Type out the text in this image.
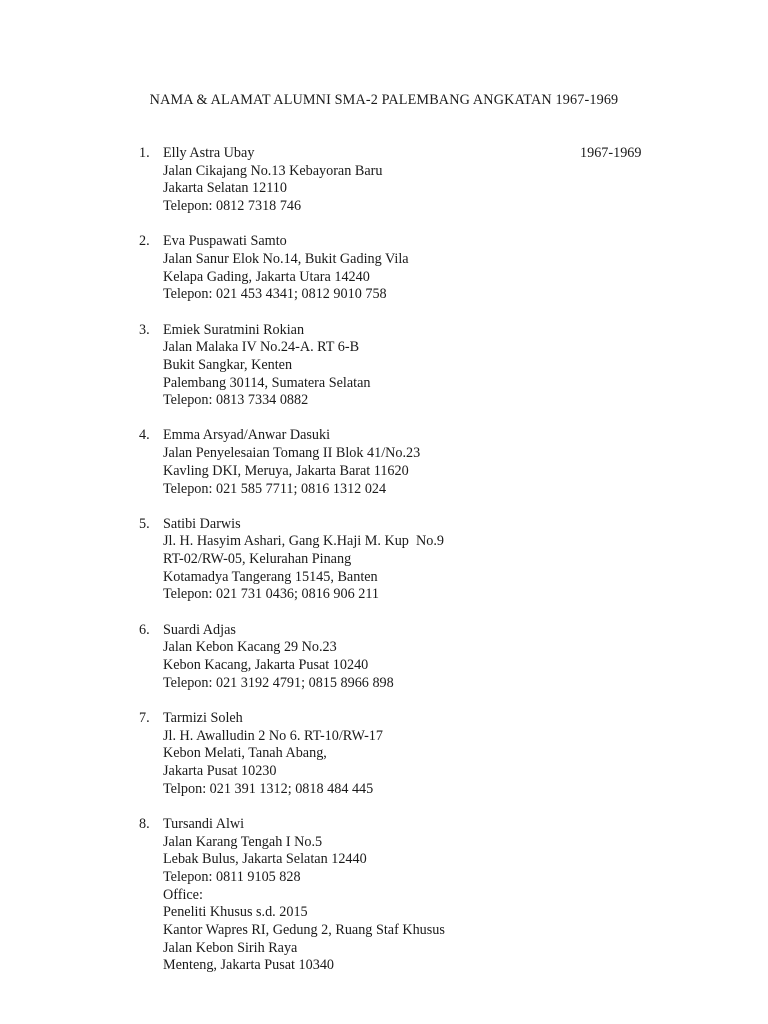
NAMA & ALAMAT ALUMNI SMA-2 PALEMBANG ANGKATAN 1967-1969
1.	1967-1969
Elly Astra Ubay
Jalan Cikajang No.13 Kebayoran Baru
Jakarta Selatan 12110
Telepon: 0812 7318 746
2. Eva Puspawati Samto
Jalan Sanur Elok No.14, Bukit Gading Vila
Kelapa Gading, Jakarta Utara 14240
Telepon: 021 453 4341; 0812 9010 758
3. Emiek Suratmini Rokian
Jalan Malaka IV No.24-A. RT 6-B
Bukit Sangkar, Kenten
Palembang 30114, Sumatera Selatan
Telepon: 0813 7334 0882
4. Emma Arsyad/Anwar Dasuki
Jalan Penyelesaian Tomang II Blok 41/No.23
Kavling DKI, Meruya, Jakarta Barat 11620
Telepon: 021 585 7711; 0816 1312 024
5. Satibi Darwis
Jl. H. Hasyim Ashari, Gang K.Haji M. Kup  No.9
RT-02/RW-05, Kelurahan Pinang
Kotamadya Tangerang 15145, Banten
Telepon: 021 731 0436; 0816 906 211
6. Suardi Adjas
Jalan Kebon Kacang 29 No.23
Kebon Kacang, Jakarta Pusat 10240
Telepon: 021 3192 4791; 0815 8966 898
7. Tarmizi Soleh
Jl. H. Awalludin 2 No 6. RT-10/RW-17
Kebon Melati, Tanah Abang,
Jakarta Pusat 10230
Telpon: 021 391 1312; 0818 484 445
8. Tursandi Alwi
Jalan Karang Tengah I No.5
Lebak Bulus, Jakarta Selatan 12440
Telepon: 0811 9105 828
Office:
Peneliti Khusus s.d. 2015
Kantor Wapres RI, Gedung 2, Ruang Staf Khusus
Jalan Kebon Sirih Raya
Menteng, Jakarta Pusat 10340
